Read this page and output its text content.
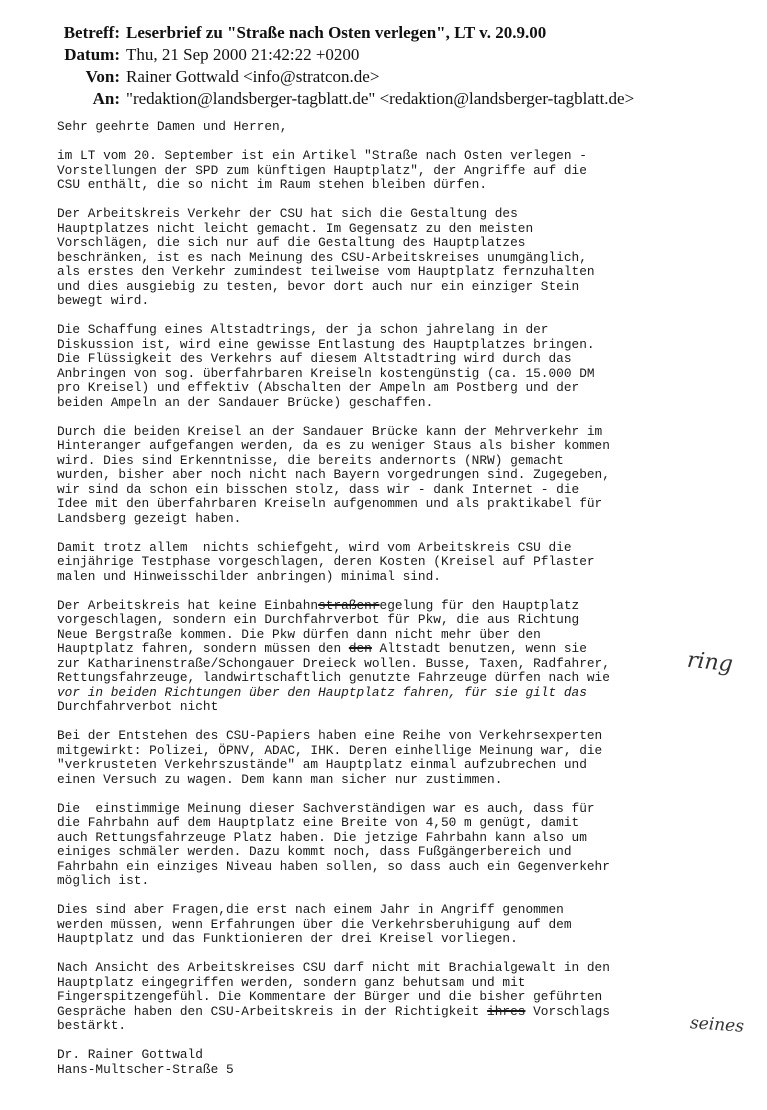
Betreff: Leserbrief zu "Straße nach Osten verlegen", LT v. 20.9.00
Datum: Thu, 21 Sep 2000 21:42:22 +0200
Von: Rainer Gottwald <info@stratcon.de>
An: "redaktion@landsberger-tagblatt.de" <redaktion@landsberger-tagblatt.de>
Sehr geehrte Damen und Herren,
im LT vom 20. September ist ein Artikel "Straße nach Osten verlegen -
Vorstellungen der SPD zum künftigen Hauptplatz", der Angriffe auf die
CSU enthält, die so nicht im Raum stehen bleiben dürfen.
Der Arbeitskreis Verkehr der CSU hat sich die Gestaltung des
Hauptplatzes nicht leicht gemacht. Im Gegensatz zu den meisten
Vorschlägen, die sich nur auf die Gestaltung des Hauptplatzes
beschränken, ist es nach Meinung des CSU-Arbeitskreises unumgänglich,
als erstes den Verkehr zumindest teilweise vom Hauptplatz fernzuhalten
und dies ausgiebig zu testen, bevor dort auch nur ein einziger Stein
bewegt wird.
Die Schaffung eines Altstadtrings, der ja schon jahrelang in der
Diskussion ist, wird eine gewisse Entlastung des Hauptplatzes bringen.
Die Flüssigkeit des Verkehrs auf diesem Altstadtring wird durch das
Anbringen von sog. überfahrbaren Kreiseln kostengünstig (ca. 15.000 DM
pro Kreisel) und effektiv (Abschalten der Ampeln am Postberg und der
beiden Ampeln an der Sandauer Brücke) geschaffen.
Durch die beiden Kreisel an der Sandauer Brücke kann der Mehrverkehr im
Hinteranger aufgefangen werden, da es zu weniger Staus als bisher kommen
wird. Dies sind Erkenntnisse, die bereits andernorts (NRW) gemacht
wurden, bisher aber noch nicht nach Bayern vorgedrungen sind. Zugegeben,
wir sind da schon ein bisschen stolz, dass wir - dank Internet - die
Idee mit den überfahrbaren Kreiseln aufgenommen und als praktikabel für
Landsberg gezeigt haben.
Damit trotz allem  nichts schiefgeht, wird vom Arbeitskreis CSU die
einjährige Testphase vorgeschlagen, deren Kosten (Kreisel auf Pflaster
malen und Hinweisschilder anbringen) minimal sind.
Der Arbeitskreis hat keine Einbahnstraßenregelung für den Hauptplatz
vorgeschlagen, sondern ein Durchfahrverbot für Pkw, die aus Richtung
Neue Bergstraße kommen. Die Pkw dürfen dann nicht mehr über den
Hauptplatz fahren, sondern müssen den den Altstadt benutzen, wenn sie
zur Katharinenstraße/Schongauer Dreieck wollen. Busse, Taxen, Radfahrer,
Rettungsfahrzeuge, landwirtschaftlich genutzte Fahrzeuge dürfen nach wie
vor in beiden Richtungen über den Hauptplatz fahren, für sie gilt das
Durchfahrverbot nicht
Bei der Entstehen des CSU-Papiers haben eine Reihe von Verkehrsexperten
mitgewirkt: Polizei, ÖPNV, ADAC, IHK. Deren einhellige Meinung war, die
"verkrusteten Verkehrszustände" am Hauptplatz einmal aufzubrechen und
einen Versuch zu wagen. Dem kann man sicher nur zustimmen.
Die  einstimmige Meinung dieser Sachverständigen war es auch, dass für
die Fahrbahn auf dem Hauptplatz eine Breite von 4,50 m genügt, damit
auch Rettungsfahrzeuge Platz haben. Die jetzige Fahrbahn kann also um
einiges schmäler werden. Dazu kommt noch, dass Fußgängerbereich und
Fahrbahn ein einziges Niveau haben sollen, so dass auch ein Gegenverkehr
möglich ist.
Dies sind aber Fragen,die erst nach einem Jahr in Angriff genommen
werden müssen, wenn Erfahrungen über die Verkehrsberuhigung auf dem
Hauptplatz und das Funktionieren der drei Kreisel vorliegen.
Nach Ansicht des Arbeitskreises CSU darf nicht mit Brachialgewalt in den
Hauptplatz eingegriffen werden, sondern ganz behutsam und mit
Fingerspitzengefühl. Die Kommentare der Bürger und die bisher geführten
Gespräche haben den CSU-Arbeitskreis in der Richtigkeit ihres Vorschlags
bestärkt.
Dr. Rainer Gottwald
Hans-Multscher-Straße 5
ring
seines
